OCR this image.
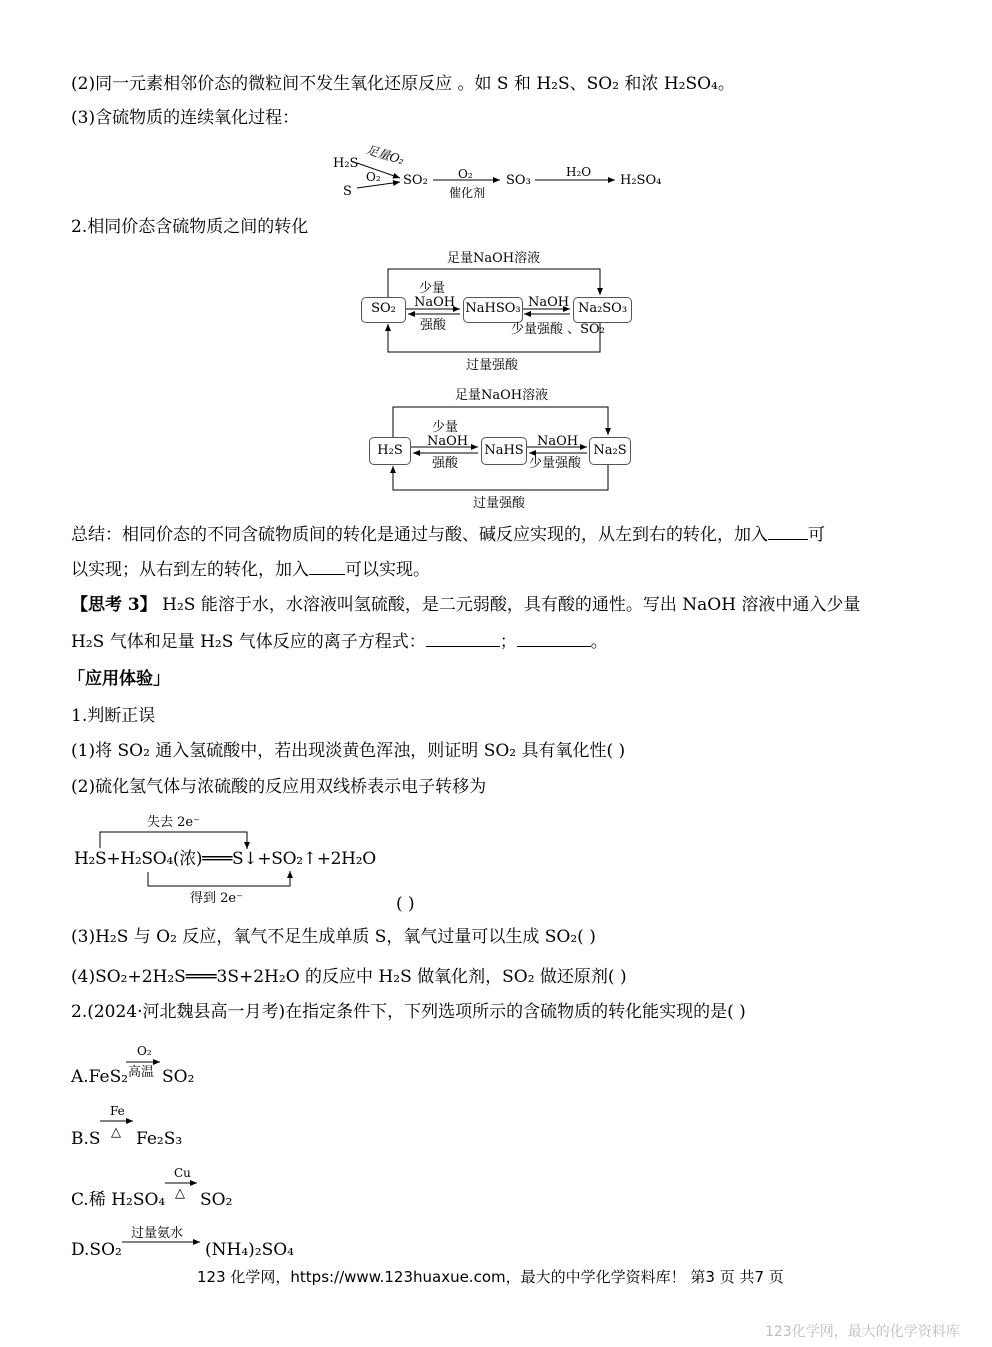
(2)同一元素相邻价态的微粒间不发生氧化还原反应 。如 S 和 H₂S、SO₂ 和浓 H₂SO₄。
(3)含硫物质的连续氧化过程：
H₂S 足量O₂
S
O₂ SO₂	O₂
催化剂
SO₃
H₂O
H₂SO₄
2.相同价态含硫物质之间的转化
足量NaOH溶液
SO₂	NaHSO₃	Na₂SO₃
少量
NaOH
强酸
NaOH
少量强酸 、SO₂
过量强酸
足量NaOH溶液
H₂S	NaHS	Na₂S
少量
NaOH
强酸
NaOH
少量强酸
过量强酸
总结：相同价态的不同含硫物质间的转化是通过与酸、碱反应实现的，从左到右的转化，加入 可
以实现；从右到左的转化，加入 可以实现。
【思考 3】 H₂S 能溶于水，水溶液叫氢硫酸，是二元弱酸，具有酸的通性。写出 NaOH 溶液中通入少量
H₂S 气体和足量 H₂S 气体反应的离子方程式：	；	。
「应用体验」
1.判断正误
(1)将 SO₂ 通入氢硫酸中，若出现淡黄色浑浊，则证明 SO₂ 具有氧化性( )
(2)硫化氢气体与浓硫酸的反应用双线桥表示电子转移为
失去 2e⁻
H₂S+H₂SO₄(浓)═══S↓+SO₂↑+2H₂O
得到 2e⁻	( )
(3)H₂S 与 O₂ 反应，氧气不足生成单质 S，氧气过量可以生成 SO₂( )
(4)SO₂+2H₂S═══3S+2H₂O 的反应中 H₂S 做氧化剂，SO₂ 做还原剂( )
2.(2024·河北魏县高一月考)在指定条件下，下列选项所示的含硫物质的转化能实现的是( )
A.FeS₂
O₂
高温 SO₂
B.S
Fe
△ Fe₂S₃
C.稀 H₂SO₄
Cu
△ SO₂
D.SO₂
过量氨水
(NH₄)₂SO₄
123 化学网，https://www.123huaxue.com，最大的中学化学资料库！ 第3 页 共7 页
123化学网，最大的化学资料库
